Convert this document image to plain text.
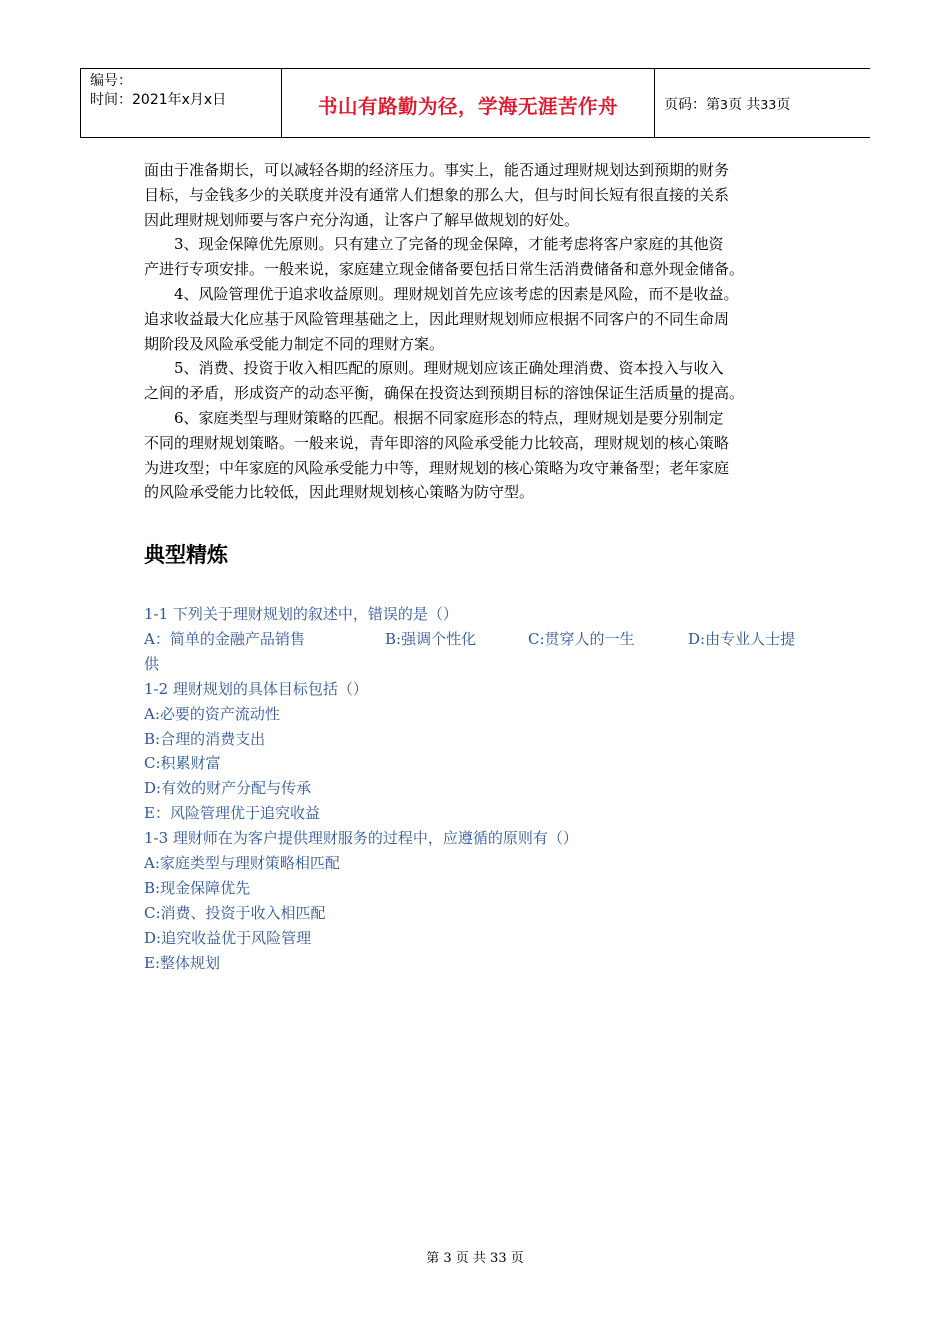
编号：
时间：2021年x月x日	书山有路勤为径，学海无涯苦作舟	页码：第3页 共33页

面由于准备期长，可以减轻各期的经济压力。事实上，能否通过理财规划达到预期的财务

目标，与金钱多少的关联度并没有通常人们想象的那么大，但与时间长短有很直接的关系

因此理财规划师要与客户充分沟通，让客户了解早做规划的好处。

3、现金保障优先原则。只有建立了完备的现金保障，才能考虑将客户家庭的其他资

产进行专项安排。一般来说，家庭建立现金储备要包括日常生活消费储备和意外现金储备。

4、风险管理优于追求收益原则。理财规划首先应该考虑的因素是风险，而不是收益。

追求收益最大化应基于风险管理基础之上，因此理财规划师应根据不同客户的不同生命周

期阶段及风险承受能力制定不同的理财方案。

5、消费、投资于收入相匹配的原则。理财规划应该正确处理消费、资本投入与收入

之间的矛盾，形成资产的动态平衡，确保在投资达到预期目标的溶蚀保证生活质量的提高。

6、家庭类型与理财策略的匹配。根据不同家庭形态的特点，理财规划是要分别制定

不同的理财规划策略。一般来说，青年即溶的风险承受能力比较高，理财规划的核心策略

为进攻型；中年家庭的风险承受能力中等，理财规划的核心策略为攻守兼备型；老年家庭

的风险承受能力比较低，因此理财规划核心策略为防守型。

典型精炼
1-1 下列关于理财规划的叙述中，错误的是（）
A：简单的金融产品销售	B:强调个性化	C:贯穿人的一生	D:由专业人士提
供
1-2 理财规划的具体目标包括（）
A:必要的资产流动性
B:合理的消费支出
C:积累财富
D:有效的财产分配与传承
E：风险管理优于追究收益
1-3 理财师在为客户提供理财服务的过程中，应遵循的原则有（）
A:家庭类型与理财策略相匹配
B:现金保障优先
C:消费、投资于收入相匹配
D:追究收益优于风险管理
E:整体规划
第 3 页 共 33 页
